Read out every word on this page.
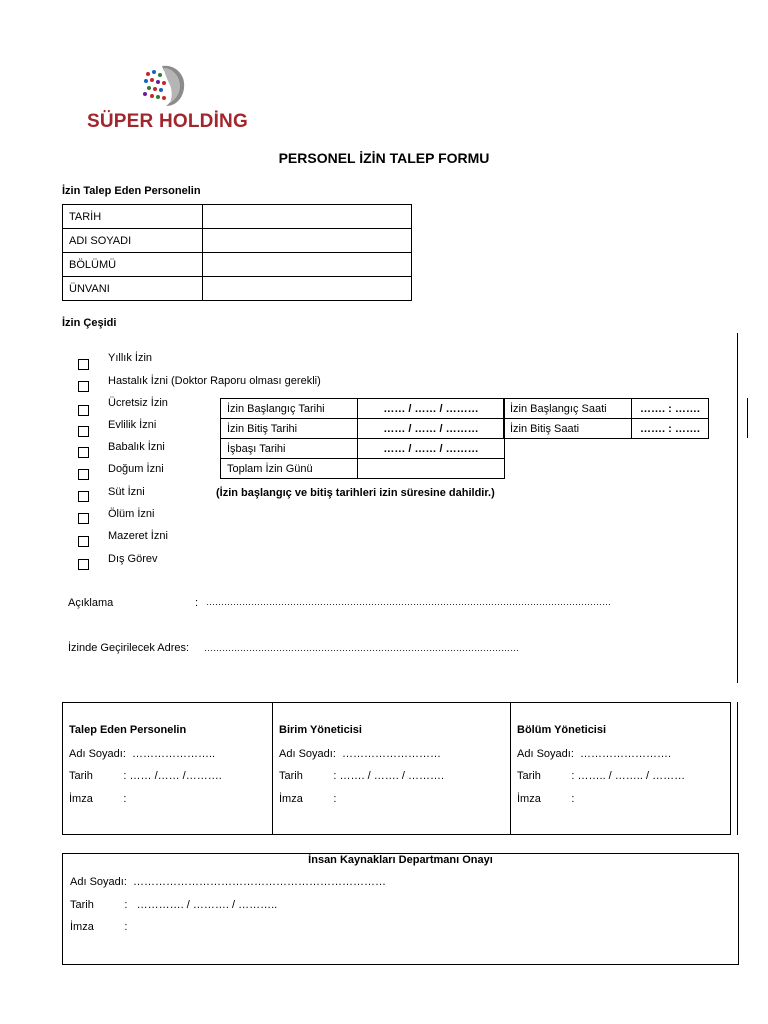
SÜPER HOLDİNG
PERSONEL İZİN TALEP FORMU
İzin Talep Eden Personelin
TARİH	
ADI SOYADI	
BÖLÜMÜ	
ÜNVANI	
İzin Çeşidi
Yıllık İzin
Hastalık İzni (Doktor Raporu olması gerekli)
Ücretsiz İzin
Evlilik İzni
Babalık İzni
Doğum İzni
Süt İzni
Ölüm İzni
Mazeret İzni
Dış Görev
İzin Başlangıç Tarihi	…… / …… / ………
İzin Bitiş Tarihi	…… / …… / ………
İşbaşı Tarihi	…… / …… / ………
Toplam İzin Günü	
İzin Başlangıç Saati	……. : …….
İzin Bitiş Saati	……. : …….
(İzin başlangıç ve bitiş tarihleri izin süresine dahildir.)
Açıklama	: ………………………………………………………………………………………………………………………
İzinde Geçirilecek Adres: ……………………………………………………………………………………………
Talep Eden Personelin
Adı Soyadı:  …………………..
Tarih          : …… /…… /……….
İmza          :
Birim Yöneticisi
Adı Soyadı:  ………………………
Tarih          : ……. / ……. / ……….
İmza          :
Bölüm Yöneticisi
Adı Soyadı:  …………………….
Tarih          : …….. / …….. / ………
İmza          :
İnsan Kaynakları Departmanı Onayı
Adı Soyadı:  ……………………………………………………………
Tarih          :   …………. / ………. / ………..
İmza          :
